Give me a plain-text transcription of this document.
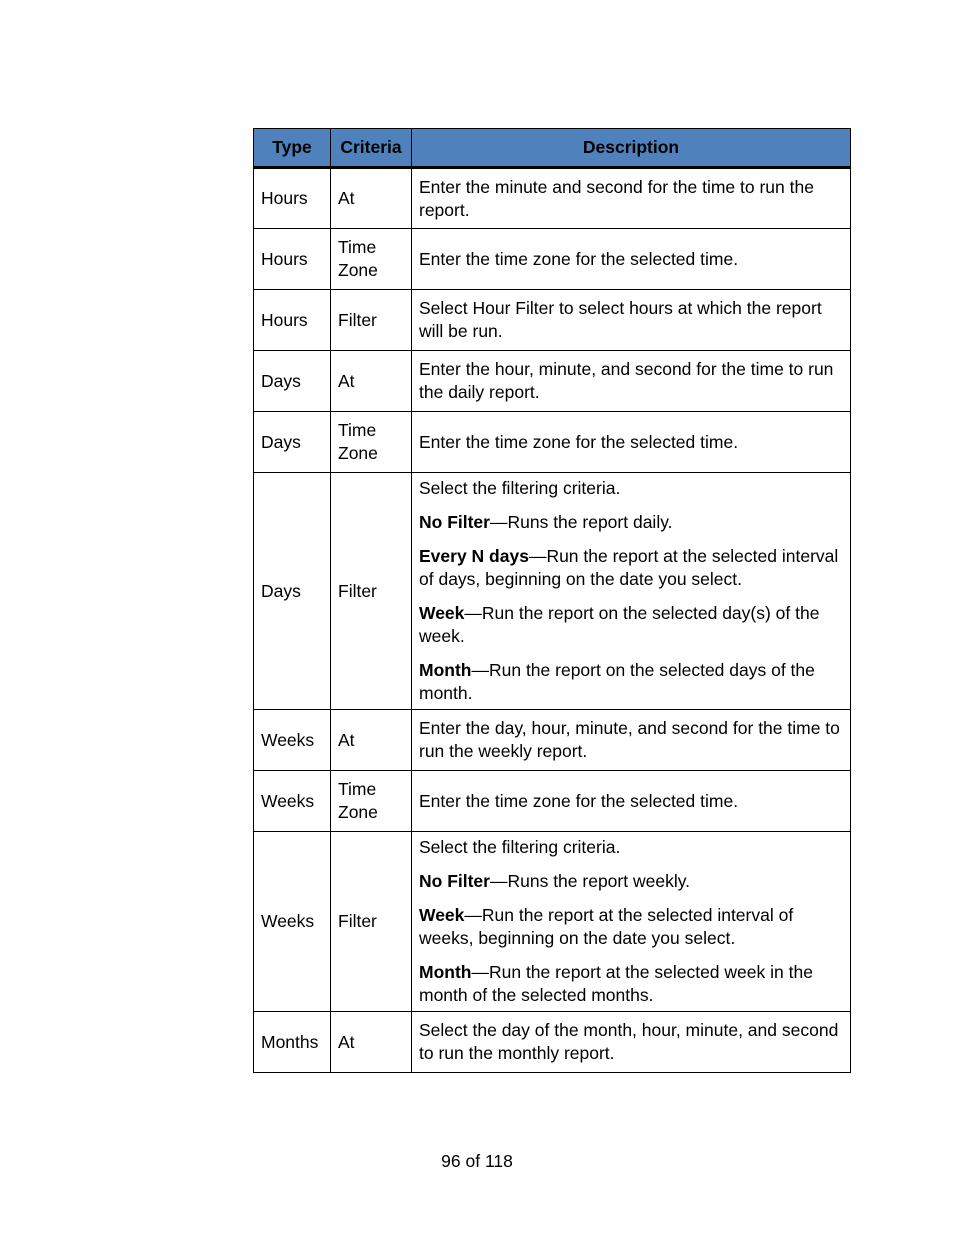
Type	Criteria	Description
Hours	At	Enter the minute and second for the time to run the report.

Hours	Time Zone	Enter the time zone for the selected time.

Hours	Filter	Select Hour Filter to select hours at which the report will be run.

Days	At	Enter the hour, minute, and second for the time to run the daily report.

Days	Time Zone	Enter the time zone for the selected time.

Days	Filter	Select the filtering criteria.

No Filter—Runs the report daily.

Every N days—Run the report at the selected interval of days, beginning on the date you select.

Week—Run the report on the selected day(s) of the week.

Month—Run the report on the selected days of the month.

Weeks	At	Enter the day, hour, minute, and second for the time to run the weekly report.

Weeks	Time Zone	Enter the time zone for the selected time.

Weeks	Filter	Select the filtering criteria.

No Filter—Runs the report weekly.

Week—Run the report at the selected interval of weeks, beginning on the date you select.

Month—Run the report at the selected week in the month of the selected months.

Months	At	Select the day of the month, hour, minute, and second to run the monthly report.

96 of 118
